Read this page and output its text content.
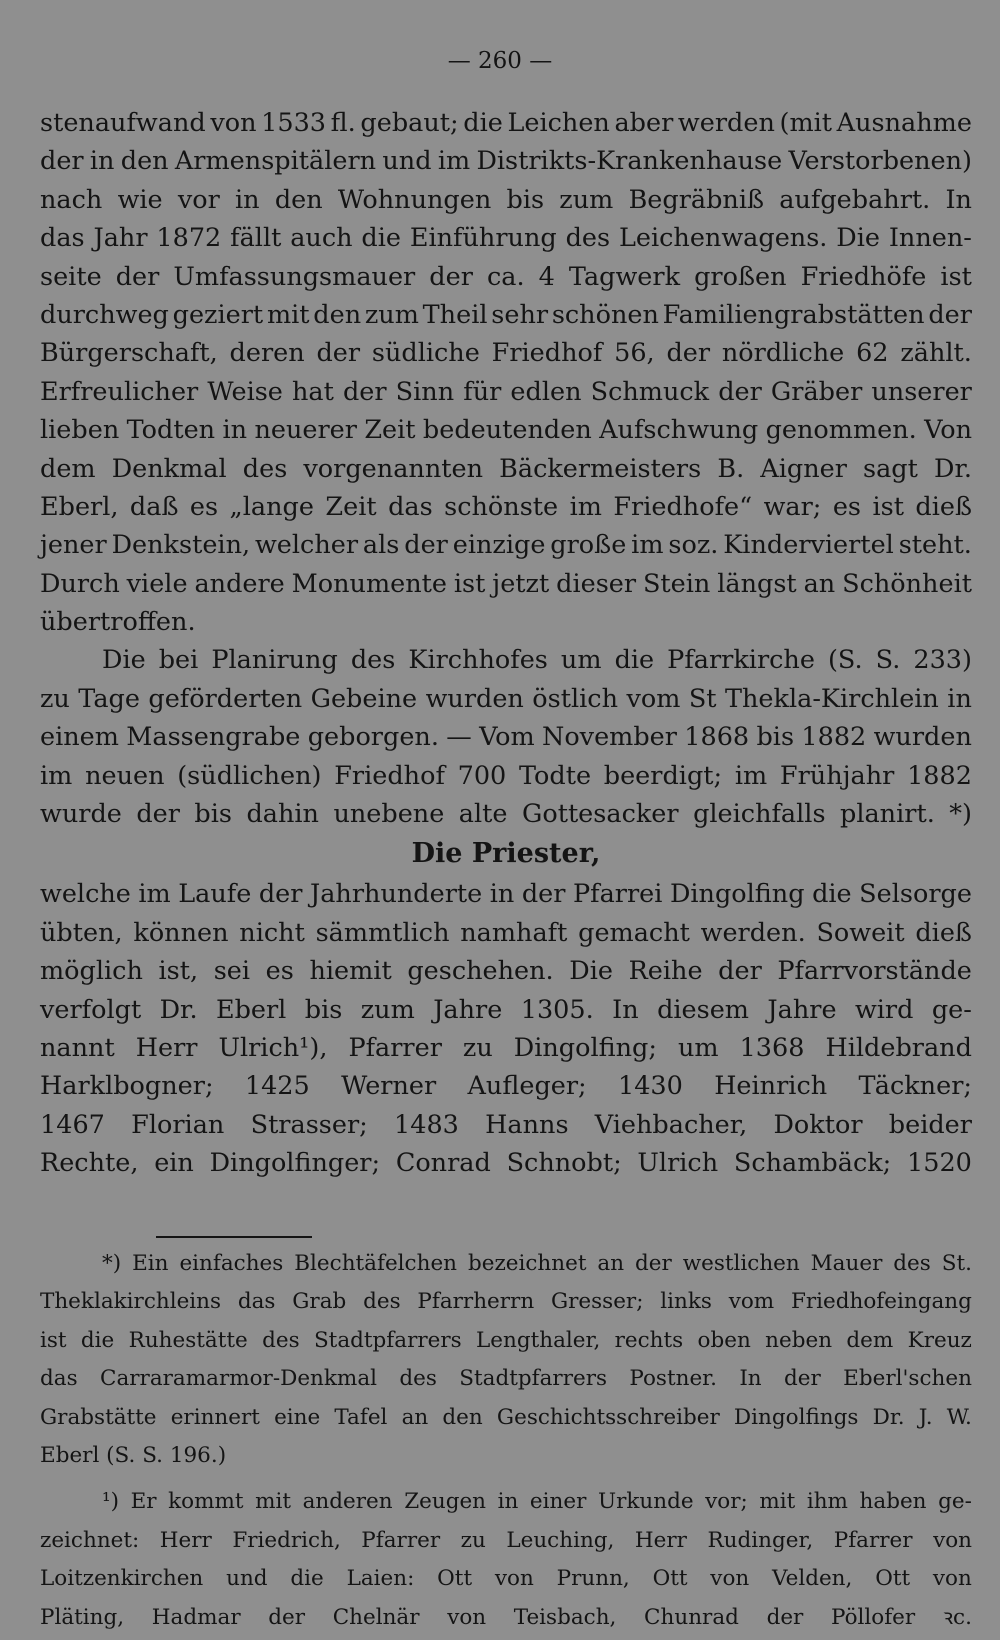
— 260 —
stenaufwand von 1533 fl. gebaut; die Leichen aber werden (mit Ausnahme
der in den Armenspitälern und im Distrikts-Krankenhause Verstorbenen)
nach wie vor in den Wohnungen bis zum Begräbniß aufgebahrt. In
das Jahr 1872 fällt auch die Einführung des Leichenwagens. Die Innen-
seite der Umfassungsmauer der ca. 4 Tagwerk großen Friedhöfe ist
durchweg geziert mit den zum Theil sehr schönen Familiengrabstätten der
Bürgerschaft, deren der südliche Friedhof 56, der nördliche 62 zählt.
Erfreulicher Weise hat der Sinn für edlen Schmuck der Gräber unserer
lieben Todten in neuerer Zeit bedeutenden Aufschwung genommen. Von
dem Denkmal des vorgenannten Bäckermeisters B. Aigner sagt Dr.
Eberl, daß es „lange Zeit das schönste im Friedhofe“ war; es ist dieß
jener Denkstein, welcher als der einzige große im soz. Kinderviertel steht.
Durch viele andere Monumente ist jetzt dieser Stein längst an Schönheit
übertroffen.
Die bei Planirung des Kirchhofes um die Pfarrkirche (S. S. 233)
zu Tage geförderten Gebeine wurden östlich vom St Thekla-Kirchlein in
einem Massengrabe geborgen. — Vom November 1868 bis 1882 wurden
im neuen (südlichen) Friedhof 700 Todte beerdigt; im Frühjahr 1882
wurde der bis dahin unebene alte Gottesacker gleichfalls planirt. *)
Die Priester,
welche im Laufe der Jahrhunderte in der Pfarrei Dingolfing die Selsorge
übten, können nicht sämmtlich namhaft gemacht werden. Soweit dieß
möglich ist, sei es hiemit geschehen. Die Reihe der Pfarrvorstände
verfolgt Dr. Eberl bis zum Jahre 1305. In diesem Jahre wird ge-
nannt Herr Ulrich¹), Pfarrer zu Dingolfing; um 1368 Hildebrand
Harklbogner; 1425 Werner Aufleger; 1430 Heinrich Täckner;
1467 Florian Strasser; 1483 Hanns Viehbacher, Doktor beider
Rechte, ein Dingolfinger; Conrad Schnobt; Ulrich Schambäck; 1520
*) Ein einfaches Blechtäfelchen bezeichnet an der westlichen Mauer des St.
Theklakirchleins das Grab des Pfarrherrn Gresser; links vom Friedhofeingang
ist die Ruhestätte des Stadtpfarrers Lengthaler, rechts oben neben dem Kreuz
das Carraramarmor-Denkmal des Stadtpfarrers Postner. In der Eberl'schen
Grabstätte erinnert eine Tafel an den Geschichtsschreiber Dingolfings Dr. J. W.
Eberl (S. S. 196.)
¹) Er kommt mit anderen Zeugen in einer Urkunde vor; mit ihm haben ge-
zeichnet: Herr Friedrich, Pfarrer zu Leuching, Herr Rudinger, Pfarrer von
Loitzenkirchen und die Laien: Ott von Prunn, Ott von Velden, Ott von
Pläting, Hadmar der Chelnär von Teisbach, Chunrad der Pöllofer ꝛc.
